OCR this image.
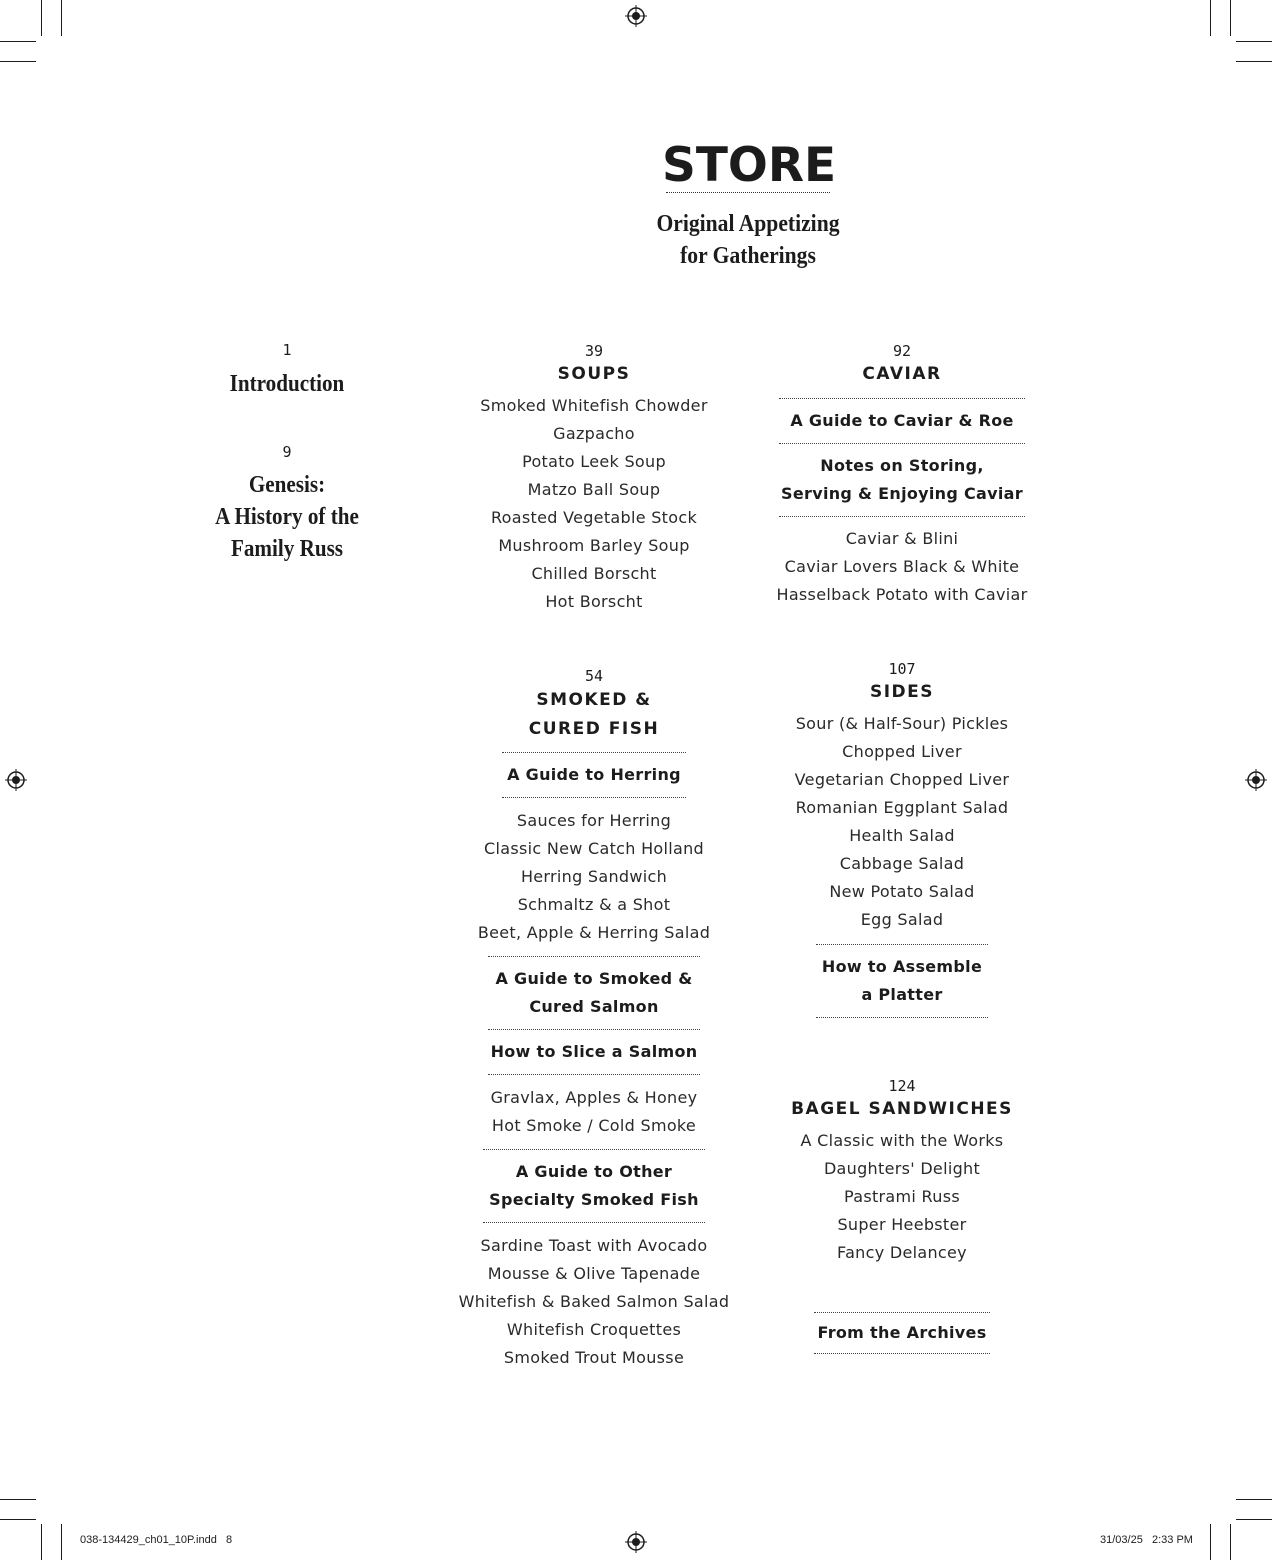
STORE
Original Appetizing
for Gatherings
1
Introduction
9
Genesis:
A History of the
Family Russ
39
SOUPS
Smoked Whitefish Chowder
Gazpacho
Potato Leek Soup
Matzo Ball Soup
Roasted Vegetable Stock
Mushroom Barley Soup
Chilled Borscht
Hot Borscht
54
SMOKED &
CURED FISH
A Guide to Herring
Sauces for Herring
Classic New Catch Holland
Herring Sandwich
Schmaltz & a Shot
Beet, Apple & Herring Salad
A Guide to Smoked &
Cured Salmon
How to Slice a Salmon
Gravlax, Apples & Honey
Hot Smoke / Cold Smoke
A Guide to Other
Specialty Smoked Fish
Sardine Toast with Avocado
Mousse & Olive Tapenade
Whitefish & Baked Salmon Salad
Whitefish Croquettes
Smoked Trout Mousse
92
CAVIAR
A Guide to Caviar & Roe
Notes on Storing,
Serving & Enjoying Caviar
Caviar & Blini
Caviar Lovers Black & White
Hasselback Potato with Caviar
107
SIDES
Sour (& Half-Sour) Pickles
Chopped Liver
Vegetarian Chopped Liver
Romanian Eggplant Salad
Health Salad
Cabbage Salad
New Potato Salad
Egg Salad
How to Assemble
a Platter
124
BAGEL SANDWICHES
A Classic with the Works
Daughters' Delight
Pastrami Russ
Super Heebster
Fancy Delancey
From the Archives
038-134429_ch01_10P.indd   8	31/03/25   2:33 PM
